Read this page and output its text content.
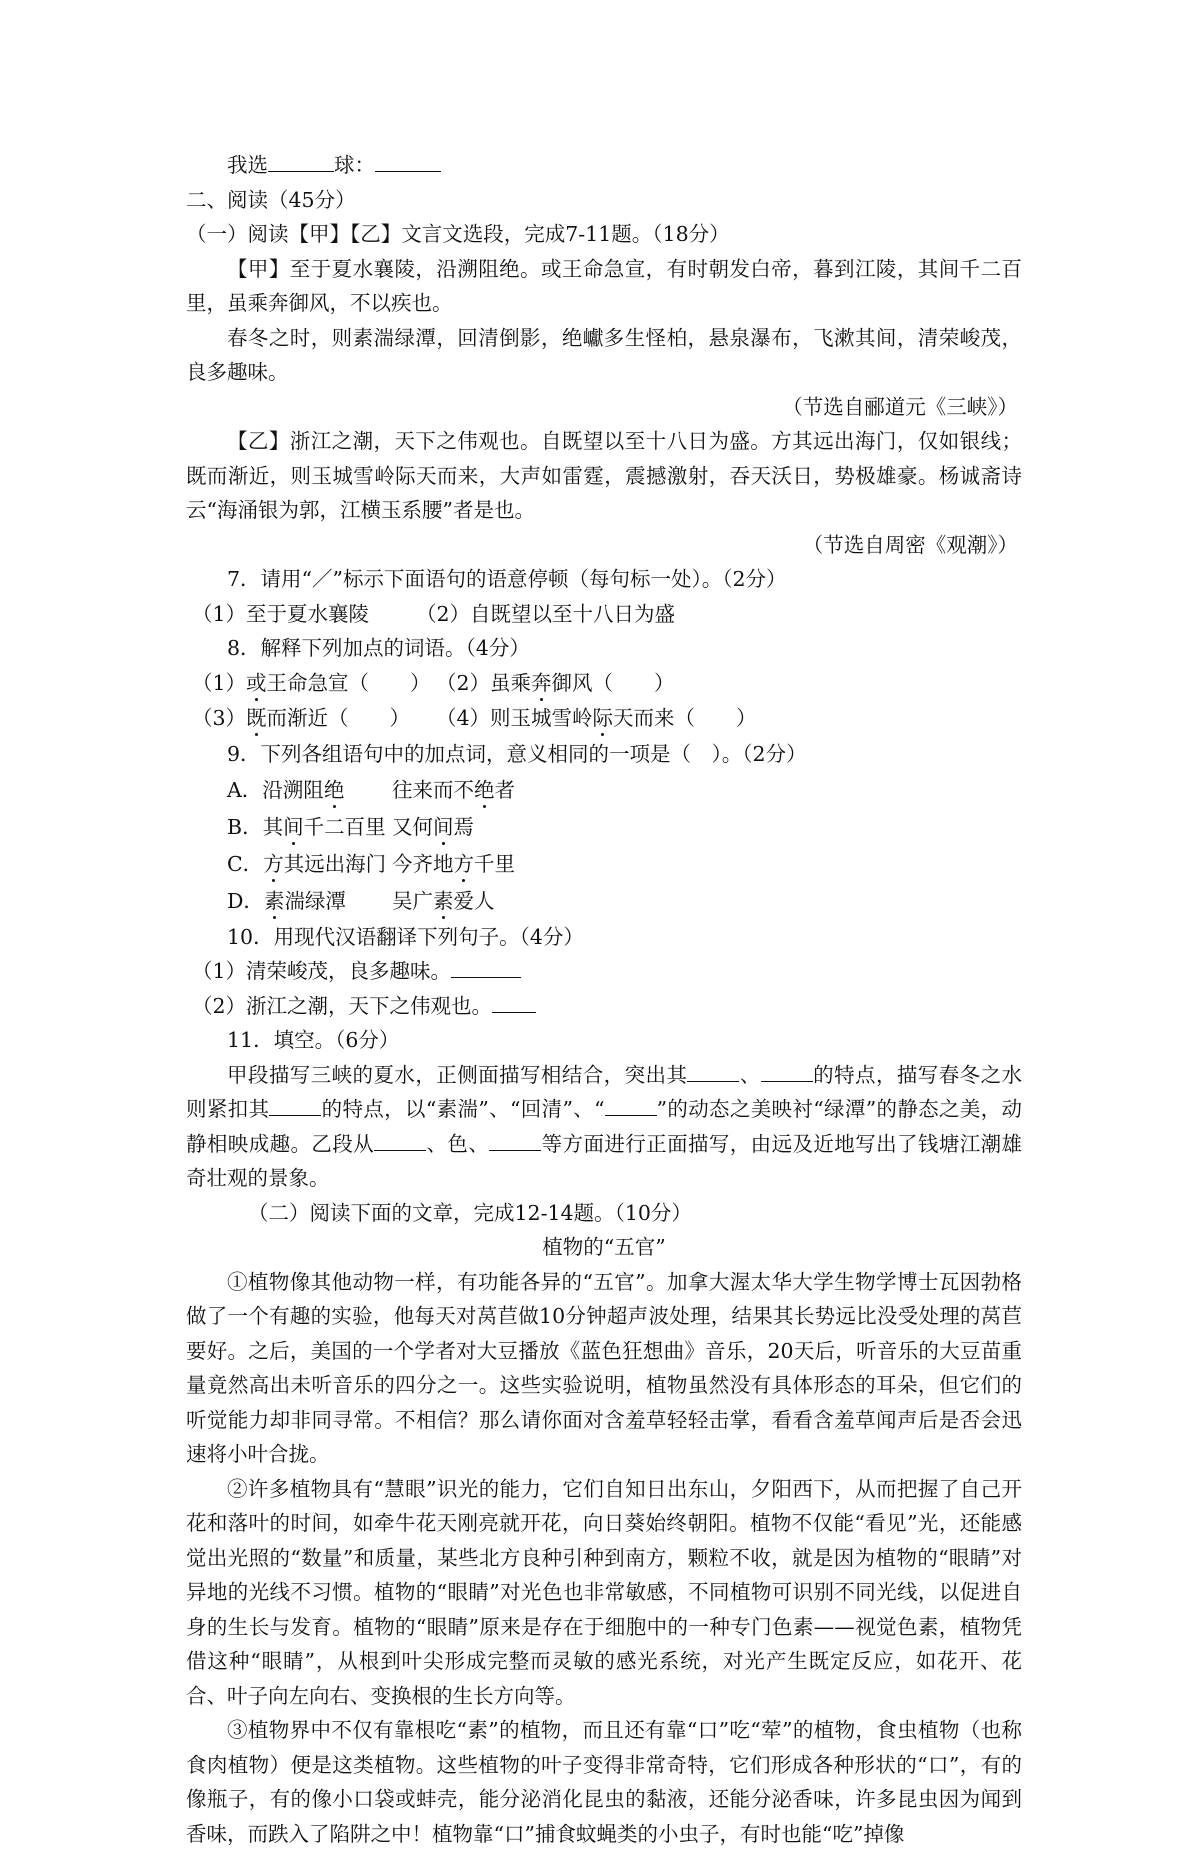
我选	球：
二、阅读（45分）
（一）阅读【甲】【乙】文言文选段，完成7-11题。（18分）
【甲】至于夏水襄陵，沿溯阻绝。或王命急宣，有时朝发白帝，暮到江陵，其间千二百里，虽乘奔御风，不以疾也。
春冬之时，则素湍绿潭，回清倒影，绝巘多生怪柏，悬泉瀑布，飞漱其间，清荣峻茂，良多趣味。
（节选自郦道元《三峡》）
【乙】浙江之潮，天下之伟观也。自既望以至十八日为盛。方其远出海门，仅如银线；既而渐近，则玉城雪岭际天而来，大声如雷霆，震撼激射，吞天沃日，势极雄豪。杨诚斋诗云“海涌银为郭，江横玉系腰”者是也。
（节选自周密《观潮》）
7．请用“／”标示下面语句的语意停顿（每句标一处）。（2分）
（1）至于夏水襄陵 （2）自既望以至十八日为盛
8．解释下列加点的词语。（4分）
（1）或王命急宣（　　） （2）虽乘奔御风（　　）
（3）既而渐近（　　） （4）则玉城雪岭际天而来（　　）
9．下列各组语句中的加点词，意义相同的一项是（　）。（2分）
A．沿溯阻绝 往来而不绝者
B．其间千二百里 又何间焉
C．方其远出海门 今齐地方千里
D．素湍绿潭 吴广素爱人
10．用现代汉语翻译下列句子。（4分）
（1）清荣峻茂，良多趣味。
（2）浙江之潮，天下之伟观也。
11．填空。（6分）
甲段描写三峡的夏水，正侧面描写相结合，突出其	、	的特点，描写春冬之水则紧扣其	的特点，以“素湍”、“回清”、“	”的动态之美映衬“绿潭”的静态之美，动静相映成趣。乙段从	、色、	等方面进行正面描写，由远及近地写出了钱塘江潮雄奇壮观的景象。
（二）阅读下面的文章，完成12-14题。（10分）
植物的“五官”
①植物像其他动物一样，有功能各异的“五官”。加拿大渥太华大学生物学博士瓦因勃格做了一个有趣的实验，他每天对莴苣做10分钟超声波处理，结果其长势远比没受处理的莴苣要好。之后，美国的一个学者对大豆播放《蓝色狂想曲》音乐，20天后，听音乐的大豆苗重量竟然高出未听音乐的四分之一。这些实验说明，植物虽然没有具体形态的耳朵，但它们的听觉能力却非同寻常。不相信？那么请你面对含羞草轻轻击掌，看看含羞草闻声后是否会迅速将小叶合拢。
②许多植物具有“慧眼”识光的能力，它们自知日出东山，夕阳西下，从而把握了自己开花和落叶的时间，如牵牛花天刚亮就开花，向日葵始终朝阳。植物不仅能“看见”光，还能感觉出光照的“数量”和质量，某些北方良种引种到南方，颗粒不收，就是因为植物的“眼睛”对异地的光线不习惯。植物的“眼睛”对光色也非常敏感，不同植物可识别不同光线，以促进自身的生长与发育。植物的“眼睛”原来是存在于细胞中的一种专门色素——视觉色素，植物凭借这种“眼睛”，从根到叶尖形成完整而灵敏的感光系统，对光产生既定反应，如花开、花合、叶子向左向右、变换根的生长方向等。
③植物界中不仅有靠根吃“素”的植物，而且还有靠“口”吃“荤”的植物，食虫植物（也称食肉植物）便是这类植物。这些植物的叶子变得非常奇特，它们形成各种形状的“口”，有的像瓶子，有的像小口袋或蚌壳，能分泌消化昆虫的黏液，还能分泌香味，许多昆虫因为闻到香味，而跌入了陷阱之中！植物靠“口”捕食蚊蝇类的小虫子，有时也能“吃”掉像
